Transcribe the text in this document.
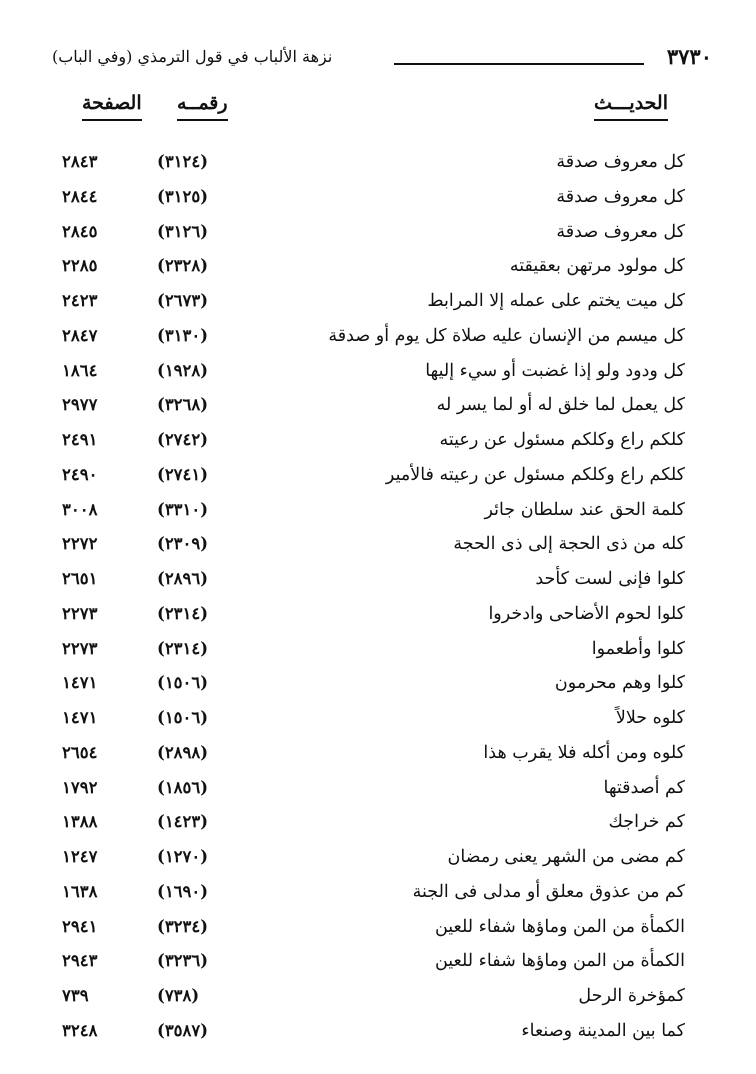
٣٧٣٠
نزهة الألباب في قول الترمذي (وفي الباب)
الحديـــث
رقمــه
الصفحة
كل معروف صدقة
(٣١٢٤)
٢٨٤٣
كل معروف صدقة
(٣١٢٥)
٢٨٤٤
كل معروف صدقة
(٣١٢٦)
٢٨٤٥
كل مولود مرتهن بعقيقته
(٢٣٢٨)
٢٢٨٥
كل ميت يختم على عمله إلا المرابط
(٢٦٧٣)
٢٤٢٣
كل ميسم من الإنسان عليه صلاة كل يوم أو صدقة
(٣١٣٠)
٢٨٤٧
كل ودود ولو إذا غضبت أو سيء إليها
(١٩٢٨)
١٨٦٤
كل يعمل لما خلق له أو لما يسر له
(٣٢٦٨)
٢٩٧٧
كلكم راع وكلكم مسئول عن رعيته
(٢٧٤٢)
٢٤٩١
كلكم راع وكلكم مسئول عن رعيته فالأمير
(٢٧٤١)
٢٤٩٠
كلمة الحق عند سلطان جائر
(٣٣١٠)
٣٠٠٨
كله من ذى الحجة إلى ذى الحجة
(٢٣٠٩)
٢٢٧٢
كلوا فإنى لست كأحد
(٢٨٩٦)
٢٦٥١
كلوا لحوم الأضاحى وادخروا
(٢٣١٤)
٢٢٧٣
كلوا وأطعموا
(٢٣١٤)
٢٢٧٣
كلوا وهم محرمون
(١٥٠٦)
١٤٧١
كلوه حلالاً
(١٥٠٦)
١٤٧١
كلوه ومن أكله فلا يقرب هذا
(٢٨٩٨)
٢٦٥٤
كم أصدقتها
(١٨٥٦)
١٧٩٢
كم خراجك
(١٤٢٣)
١٣٨٨
كم مضى من الشهر يعنى رمضان
(١٢٧٠)
١٢٤٧
كم من عذوق معلق أو مدلى فى الجنة
(١٦٩٠)
١٦٣٨
الكمأة من المن وماؤها شفاء للعين
(٣٢٣٤)
٢٩٤١
الكمأة من المن وماؤها شفاء للعين
(٣٢٣٦)
٢٩٤٣
كمؤخرة الرحل
(٧٣٨)
٧٣٩
كما بين المدينة وصنعاء
(٣٥٨٧)
٣٢٤٨
